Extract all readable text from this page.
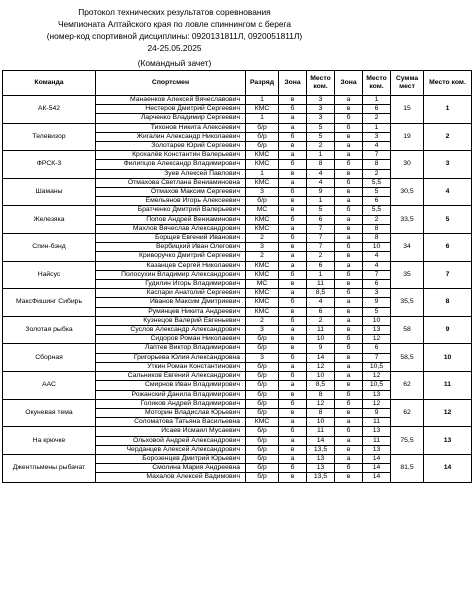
Протокол технических результатов соревнования
Чемпионата Алтайского края по ловле спиннингом с берега
(номер-код спортивной дисциплины: 0920131811Л, 0920051811Л)
24-25.05.2025
(Командный зачет)
Команда	Спортсмен	Разряд	Зона	Место ком.	Зона	Место ком.	Сумма мест	Место ком.
АК-542	Манаенков Алексей Вячеславович	1	в	3	а	1	15	1
	Нестеров Дмитрий Сергеевич	КМС	б	3	в	6		
	Ларченко Владимир Сергеевич	1	а	3	б	2		
Телевизор	Тихонов Никита Алексеевич	б/р	а	5	б	1	19	2
	Жигалин Александр Николаевич	б/р	б	5	в	3		
	Золотарев Юрий Сергеевич	б/р	в	2	а	4		
ФРСК-3	Крохалёв Константин Валерьевич	КМС	а	1	а	7	30	3
	Филипцов Александр Владимирович	КМС	б	8	б	8		
	Зуев Алексей Павлович	1	в	4	в	2		
Шаманы	Отмахова Светлана Вениаминовна	КМС	а	4	б	5,5	30,5	4
	Отмахов Максим Сергеевич	3	б	9	в	5		
	Емельянов Игорь Алексеевич	б/р	в	1	а	6		
Железяка	Братченко Дмитрий Валерьевич	МС	в	5	б	5,5	33,5	5
	Попов Андрей Вениаминович	КМС	б	6	а	2		
	Махлов Вячеслав Александрович	КМС	а	7	в	8		
Спин-бэнд	Борщев Евгений Иванович	2	б	7	а	8	34	6
	Вербицкий Иван Олегович	3	в	7	б	10		
	Криворучко Дмитрий Сергеевич	2	а	2	в	4		
Найсус	Казанцев Сергей Николаевич	КМС	а	6	а	4	35	7
	Полосухин Владимир Александрович	КМС	б	1	б	7		
	Гудилин Игорь Владимирович	МС	в	11	в	6		
МаксФишинг Сибирь	Каспари Анатолий Сергеевич	КМС	а	8,5	б	3	35,5	8
	Иванов Максим Дмитриевич	КМС	б	4	а	9		
	Румянцев Никита Андреевич	КМС	в	6	в	5		
Золотая рыбка	Кузнецов Валерий Евгеньевич	2	б	2	а	10	58	9
	Суслов Александр Александрович	3	а	11	в	13		
	Сидоров Роман Николаевич	б/р	в	10	б	12		
Сборная	Лаптев Виктор Владимирович	б/р	в	9	б	6	58,5	10
	Григорьева Юлия Александровна	3	б	14	в	7		
	Уткин Роман Константинович	б/р	а	12	а	10,5		
ААС	Сальников Евгений Александрович	б/р	б	10	а	12	62	11
	Смирнов Иван Владимирович	б/р	а	8,5	в	10,5		
	Рожанский Данила Владимирович	б/р	в	8	б	13		
Окуневая тема	Голиков Андрей Владимирович	б/р	б	12	б	12	62	12
	Моторин Владислав Юрьевич	б/р	в	8	в	9		
	Соломатова Татьяна Васильевна	КМС	а	10	а	11		
На крючке	Исаев Исмаил Мусаевич	б/р	б	11	б	13	75,5	13
	Ольховой Андрей Александрович	б/р	а	14	а	11		
	Черданцев Алексей Александрович	б/р	в	13,5	в	13		
Джентльмены рыбачат	Борозенцев Дмитрий Юрьевич	б/р	а	13	а	14	81,5	14
	Смолина Мария Андреевна	б/р	б	13	б	14		
	Махалов Алексей Вадимович	б/р	в	13,5	в	14		
